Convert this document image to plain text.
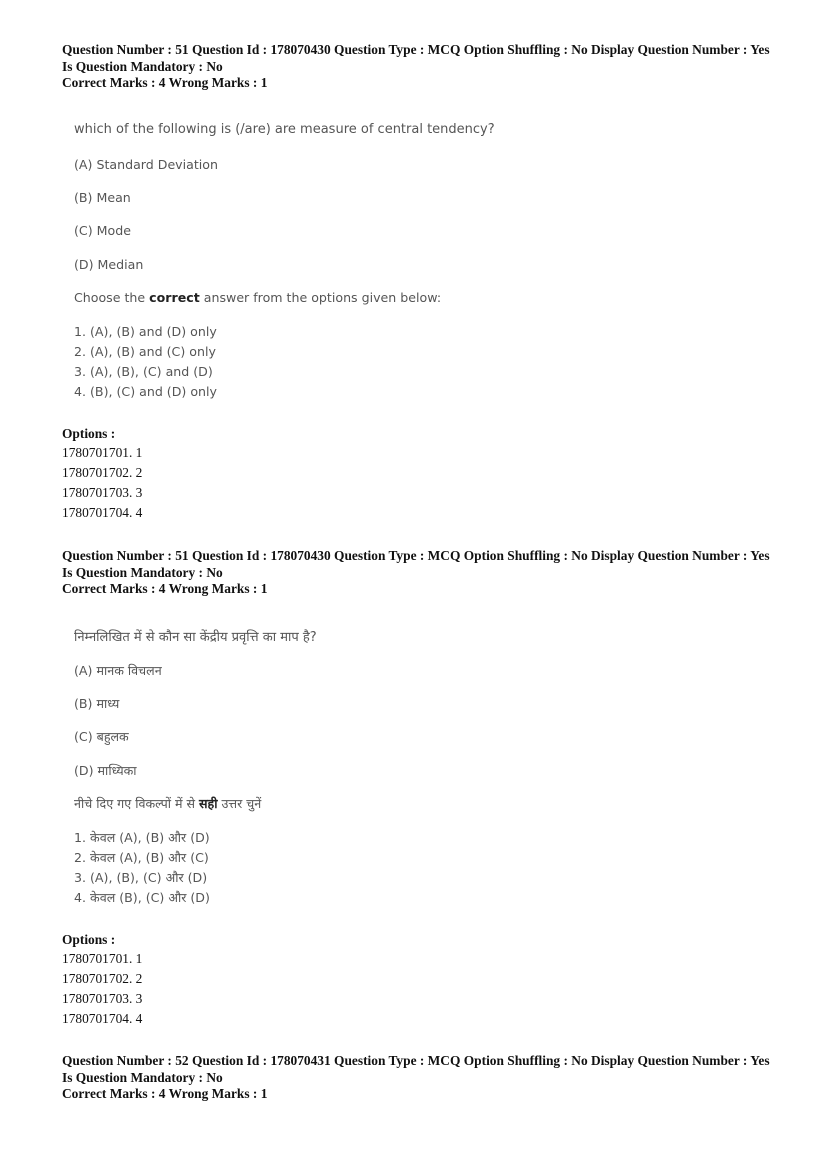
Question Number : 51 Question Id : 178070430 Question Type : MCQ Option Shuffling : No Display Question Number : Yes
Is Question Mandatory : No
Correct Marks : 4 Wrong Marks : 1
which of the following is (/are) are measure of central tendency?
(A) Standard Deviation
(B) Mean
(C) Mode
(D) Median
Choose the correct answer from the options given below:
1. (A), (B) and (D) only
2. (A), (B) and (C) only
3. (A), (B), (C) and (D)
4. (B), (C) and (D) only
Options :
1780701701. 1
1780701702. 2
1780701703. 3
1780701704. 4
Question Number : 51 Question Id : 178070430 Question Type : MCQ Option Shuffling : No Display Question Number : Yes
Is Question Mandatory : No
Correct Marks : 4 Wrong Marks : 1
निम्नलिखित में से कौन सा केंद्रीय प्रवृत्ति का माप है?
(A) मानक विचलन
(B) माध्य
(C) बहुलक
(D) माध्यिका
नीचे दिए गए विकल्पों में से सही उत्तर चुनें
1. केवल (A), (B) और (D)
2. केवल (A), (B) और (C)
3. (A), (B), (C) और (D)
4. केवल (B), (C) और (D)
Options :
1780701701. 1
1780701702. 2
1780701703. 3
1780701704. 4
Question Number : 52 Question Id : 178070431 Question Type : MCQ Option Shuffling : No Display Question Number : Yes
Is Question Mandatory : No
Correct Marks : 4 Wrong Marks : 1
